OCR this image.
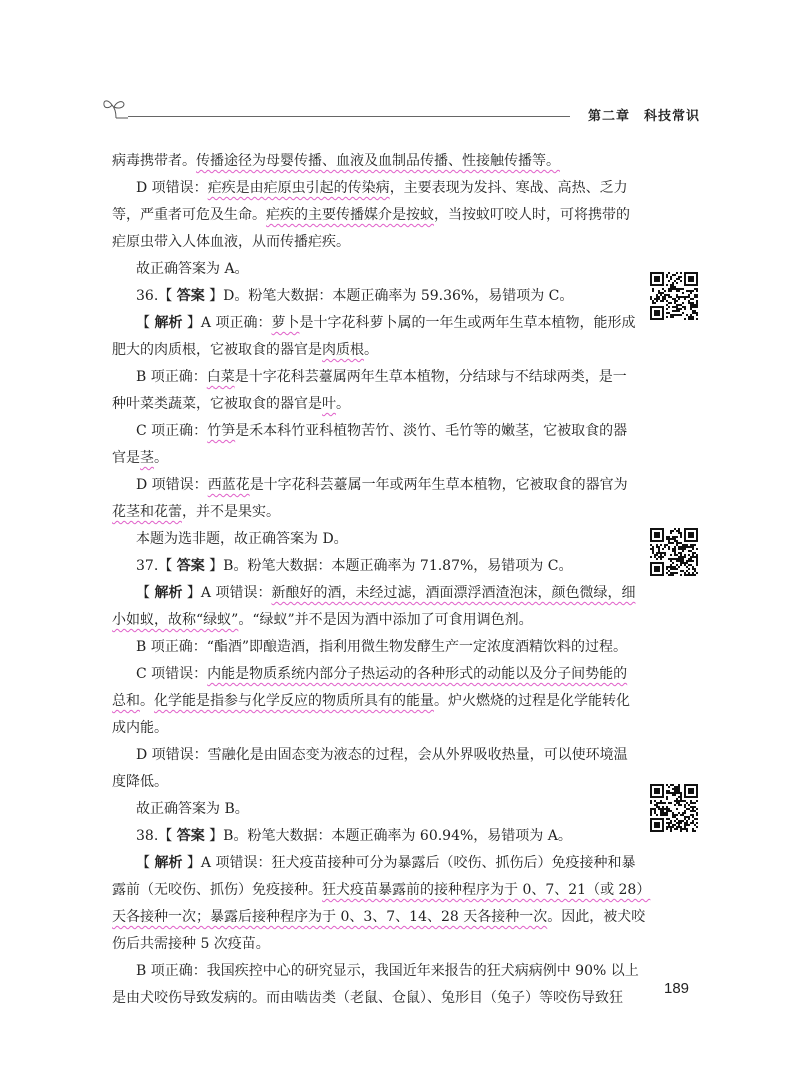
第二章 科技常识
病毒携带者。传播途径为母婴传播、血液及血制品传播、性接触传播等。
D 项错误：疟疾是由疟原虫引起的传染病，主要表现为发抖、寒战、高热、乏力
等，严重者可危及生命。疟疾的主要传播媒介是按蚊，当按蚊叮咬人时，可将携带的
疟原虫带入人体血液，从而传播疟疾。
故正确答案为 A。
36.【 答案 】D。粉笔大数据：本题正确率为 59.36%，易错项为 C。
【 解析 】A 项正确：萝卜是十字花科萝卜属的一年生或两年生草本植物，能形成
肥大的肉质根，它被取食的器官是肉质根。
B 项正确：白菜是十字花科芸薹属两年生草本植物，分结球与不结球两类，是一
种叶菜类蔬菜，它被取食的器官是叶。
C 项正确：竹笋是禾本科竹亚科植物苦竹、淡竹、毛竹等的嫩茎，它被取食的器
官是茎。
D 项错误：西蓝花是十字花科芸薹属一年或两年生草本植物，它被取食的器官为
花茎和花蕾，并不是果实。
本题为选非题，故正确答案为 D。
37.【 答案 】B。粉笔大数据：本题正确率为 71.87%，易错项为 C。
【 解析 】A 项错误：新酿好的酒，未经过滤，酒面漂浮酒渣泡沫，颜色微绿，细
小如蚁，故称“绿蚁”。“绿蚁”并不是因为酒中添加了可食用调色剂。
B 项正确：“酯酒”即酿造酒，指利用微生物发酵生产一定浓度酒精饮料的过程。
C 项错误：内能是物质系统内部分子热运动的各种形式的动能以及分子间势能的
总和。化学能是指参与化学反应的物质所具有的能量。炉火燃烧的过程是化学能转化
成内能。
D 项错误：雪融化是由固态变为液态的过程，会从外界吸收热量，可以使环境温
度降低。
故正确答案为 B。
38.【 答案 】B。粉笔大数据：本题正确率为 60.94%，易错项为 A。
【 解析 】A 项错误：狂犬疫苗接种可分为暴露后（咬伤、抓伤后）免疫接种和暴
露前（无咬伤、抓伤）免疫接种。狂犬疫苗暴露前的接种程序为于 0、7、21（或 28）
天各接种一次；暴露后接种程序为于 0、3、7、14、28 天各接种一次。因此，被犬咬
伤后共需接种 5 次疫苗。
B 项正确：我国疾控中心的研究显示，我国近年来报告的狂犬病病例中 90% 以上
是由犬咬伤导致发病的。而由啮齿类（老鼠、仓鼠）、兔形目（兔子）等咬伤导致狂
189
